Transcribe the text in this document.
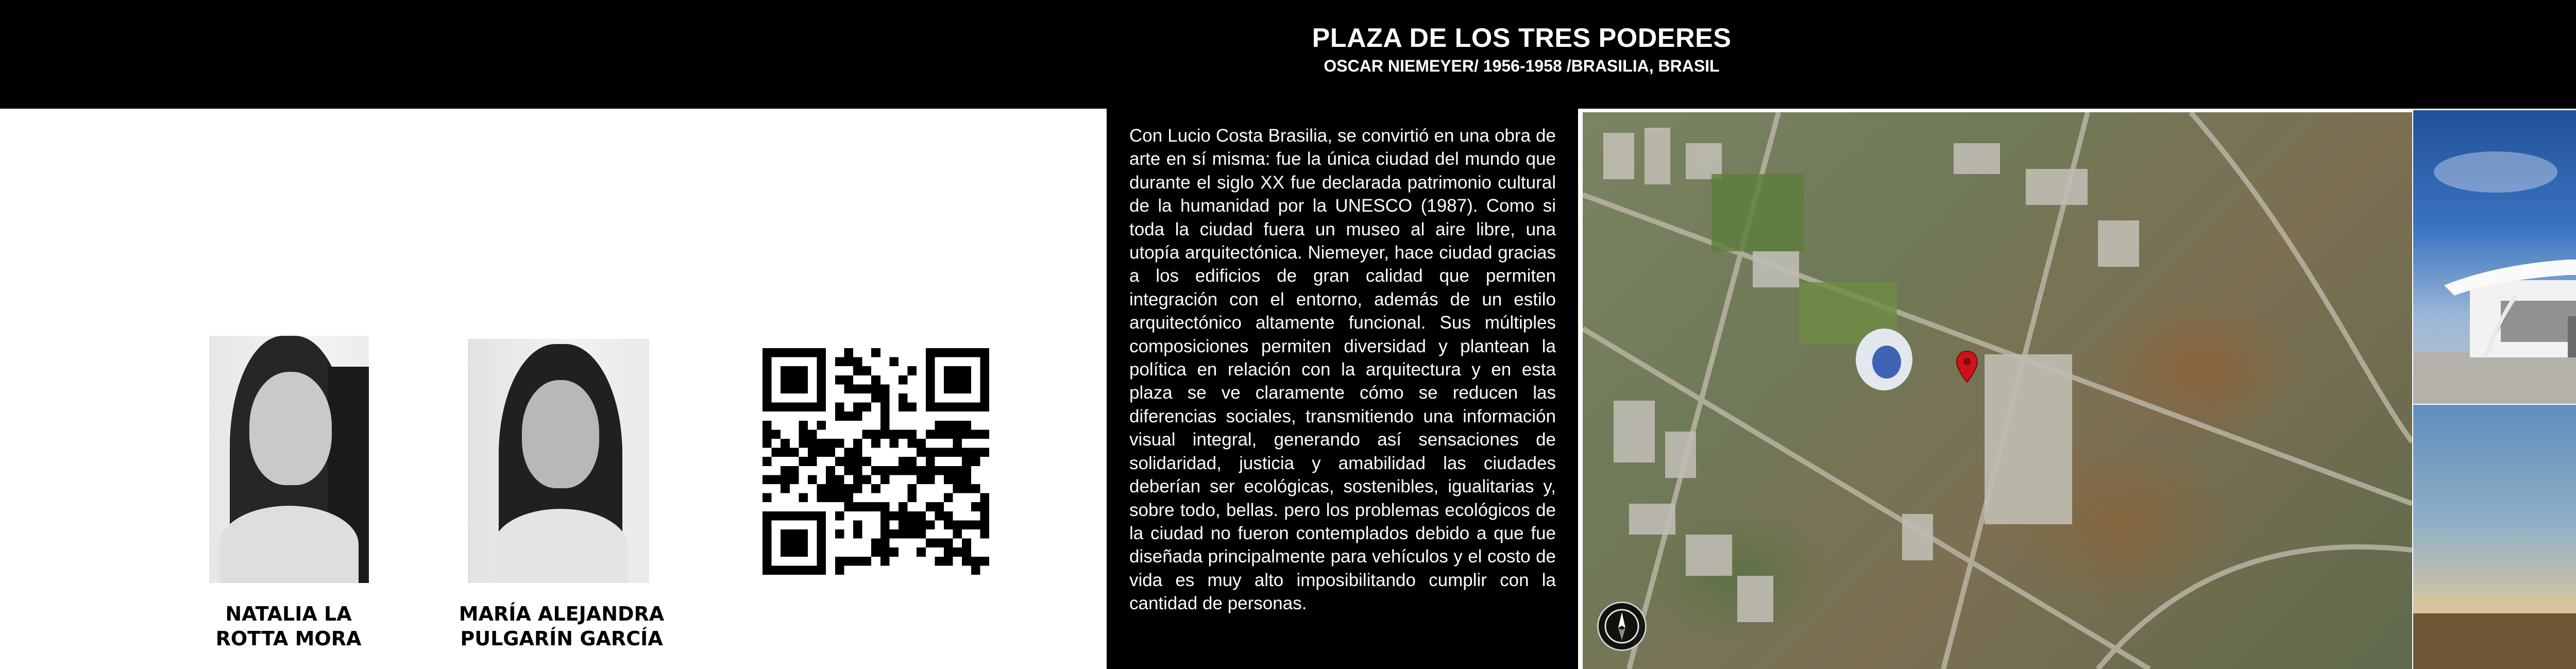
PLAZA DE LOS TRES PODERES
OSCAR NIEMEYER/ 1956-1958 /BRASILIA, BRASIL
NATALIA LA
ROTTA MORA
MARÍA ALEJANDRA
PULGARÍN GARCÍA

Con Lucio Costa Brasilia, se convirtió en una obra de arte en sí misma: fue la única ciudad del mundo que durante el siglo XX fue declarada patrimonio cultural de la humanidad por la UNESCO (1987). Como si toda la ciudad fuera un museo al aire libre, una utopía arquitectónica. Niemeyer, hace ciudad gracias a los edificios de gran calidad que permiten integración con el entorno, además de un estilo arquitectónico altamente funcional. Sus múltiples composiciones permiten diversidad y plantean la política en relación con la arquitectura y en esta plaza se ve claramente cómo se reducen las diferencias sociales, transmitiendo una información visual integral, generando así sensaciones de solidaridad, justicia y amabilidad las ciudades deberían ser ecológicas, sostenibles, igualitarias y, sobre todo, bellas. pero los problemas ecológicos de la ciudad no fueron contemplados debido a que fue diseñada principalmente para vehículos y el costo de vida es muy alto imposibilitando cumplir con la cantidad de personas.
